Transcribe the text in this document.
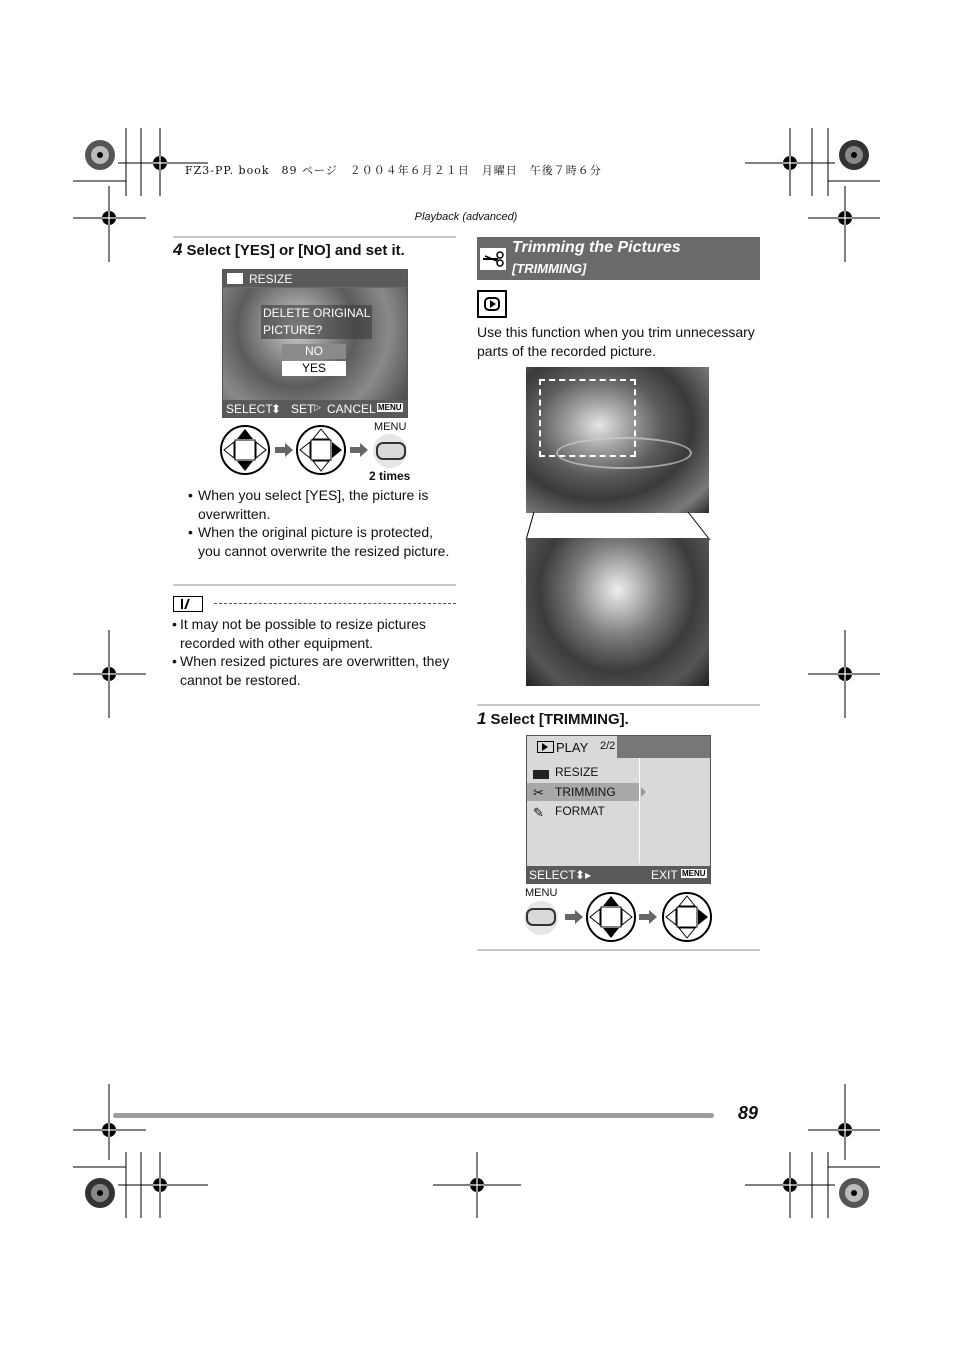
FZ3-PP. book　89 ページ　２００４年６月２１日　月曜日　午後７時６分
Playback (advanced)
4 Select [YES] or [NO] and set it.
RESIZE
DELETE ORIGINAL
PICTURE?
NO
YES
SELECT
⬍ SET ▷ CANCEL MENU
MENU
2 times
• When you select [YES], the picture is overwritten.
• When the original picture is protected, you cannot overwrite the resized picture.
• It may not be possible to resize pictures recorded with other equipment.
• When resized pictures are overwritten, they cannot be restored.
Trimming the Pictures
[TRIMMING]
Use this function when you trim unnecessary parts of the recorded picture.
1 Select [TRIMMING].
PLAY 2/2
RESIZE
✂ TRIMMING
✎ FORMAT
SELECT ⬍▸	EXIT MENU
MENU
89
